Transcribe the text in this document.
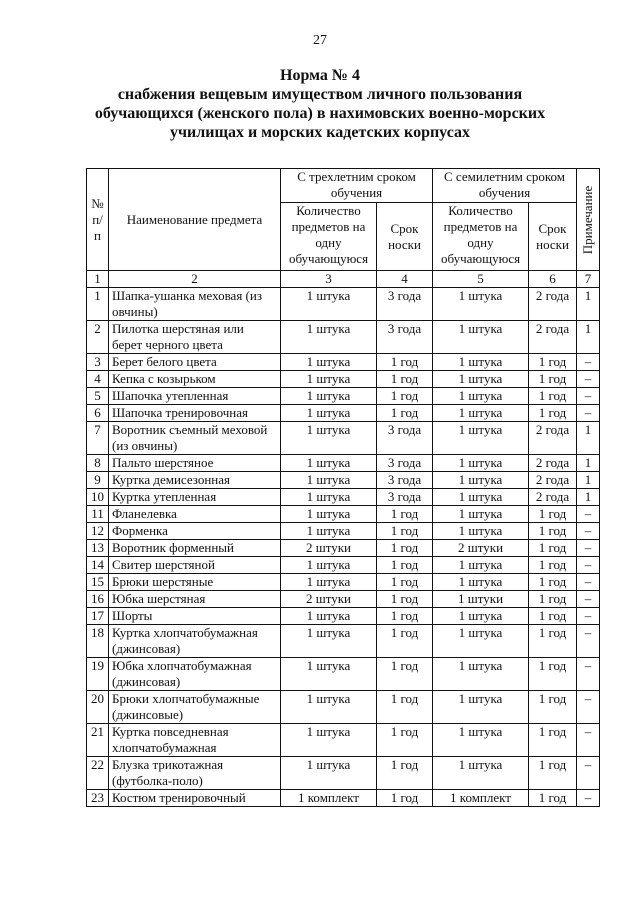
27
Норма № 4
снабжения вещевым имуществом личного пользования
обучающихся (женского пола) в нахимовских военно-морских
училищах и морских кадетских корпусах
№ п/п	Наименование предмета	С трехлетним сроком обучения		С семилетним сроком обучения		Примечание

		Количество предметов на одну обучающуюся	Срок носки	Количество предметов на одну обучающуюся	Срок носки	
1	2	3	4	5	6	7
1	Шапка-ушанка меховая (из овчины)	1 штука	3 года	1 штука	2 года	1
2	Пилотка шерстяная или берет черного цвета	1 штука	3 года	1 штука	2 года	1
3	Берет белого цвета	1 штука	1 год	1 штука	1 год	–
4	Кепка с козырьком	1 штука	1 год	1 штука	1 год	–
5	Шапочка утепленная	1 штука	1 год	1 штука	1 год	–
6	Шапочка тренировочная	1 штука	1 год	1 штука	1 год	–
7	Воротник съемный меховой (из овчины)	1 штука	3 года	1 штука	2 года	1
8	Пальто шерстяное	1 штука	3 года	1 штука	2 года	1
9	Куртка демисезонная	1 штука	3 года	1 штука	2 года	1
10	Куртка утепленная	1 штука	3 года	1 штука	2 года	1
11	Фланелевка	1 штука	1 год	1 штука	1 год	–
12	Форменка	1 штука	1 год	1 штука	1 год	–
13	Воротник форменный	2 штуки	1 год	2 штуки	1 год	–
14	Свитер шерстяной	1 штука	1 год	1 штука	1 год	–
15	Брюки шерстяные	1 штука	1 год	1 штука	1 год	–
16	Юбка шерстяная	2 штуки	1 год	1 штуки	1 год	–
17	Шорты	1 штука	1 год	1 штука	1 год	–
18	Куртка хлопчатобумажная (джинсовая)	1 штука	1 год	1 штука	1 год	–
19	Юбка хлопчатобумажная (джинсовая)	1 штука	1 год	1 штука	1 год	–
20	Брюки хлопчатобумажные (джинсовые)	1 штука	1 год	1 штука	1 год	–
21	Куртка повседневная хлопчатобумажная	1 штука	1 год	1 штука	1 год	–
22	Блузка трикотажная (футболка-поло)	1 штука	1 год	1 штука	1 год	–
23	Костюм тренировочный	1 комплект	1 год	1 комплект	1 год	–
